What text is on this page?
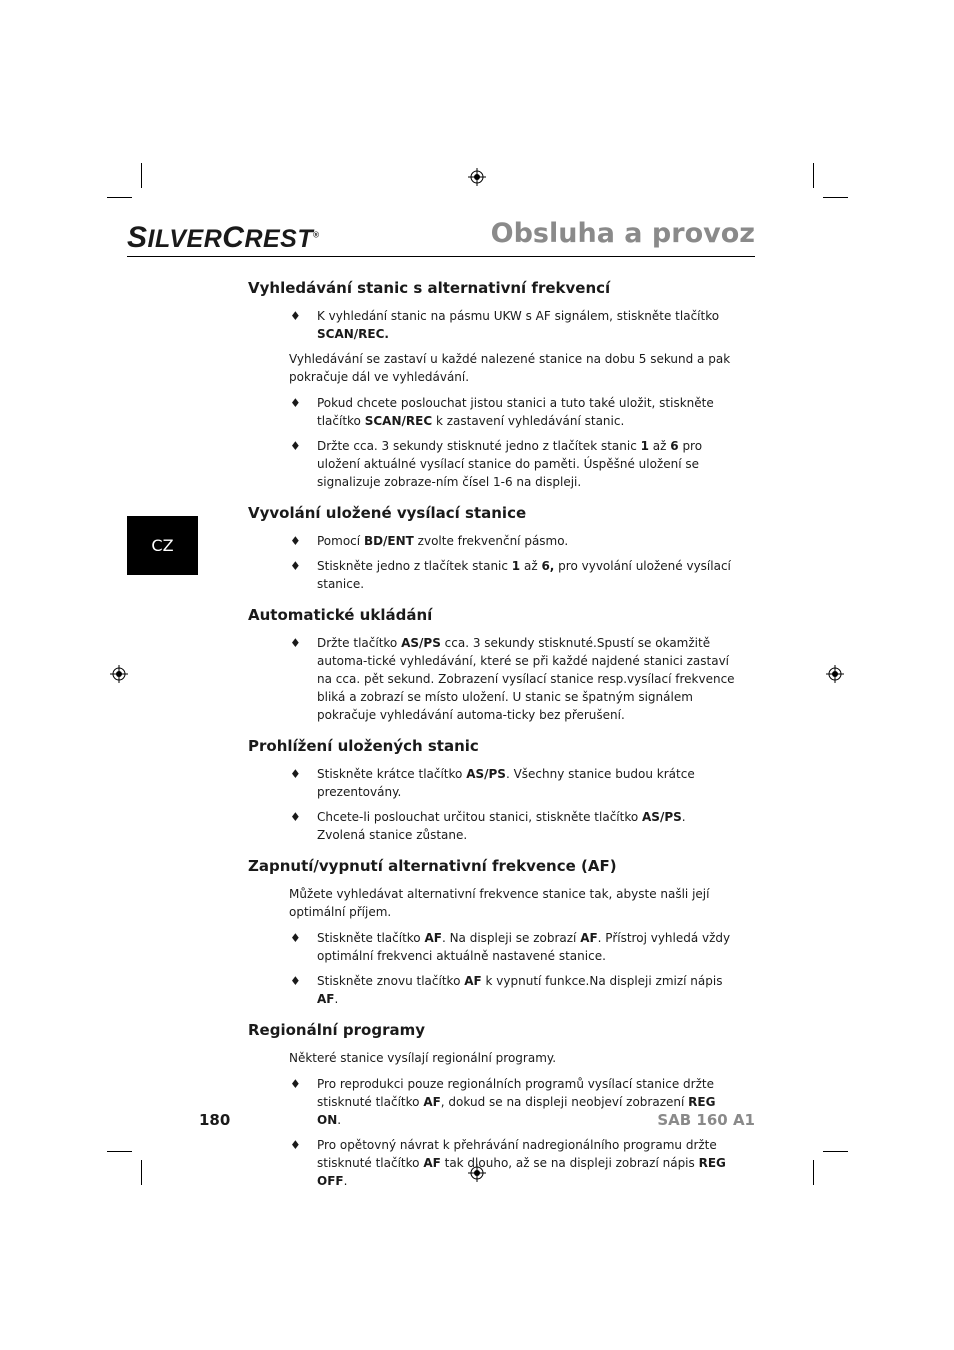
SILVERCREST®	Obsluha a provoz
CZ
Vyhledávání stanic s alternativní frekvencí
♦ K vyhledání stanic na pásmu UKW s AF signálem, stiskněte tlačítko SCAN/REC.
Vyhledávání se zastaví u každé nalezené stanice na dobu 5 sekund a pak pokračuje dál ve vyhledávání.
♦ Pokud chcete poslouchat jistou stanici a tuto také uložit, stiskněte tlačítko SCAN/REC k zastavení vyhledávání stanic.
♦ Držte cca. 3 sekundy stisknuté jedno z tlačítek stanic 1 až 6 pro uložení aktuálné vysílací stanice do paměti. Úspěšné uložení se signalizuje zobraze-ním čísel 1-6 na displeji.
Vyvolání uložené vysílací stanice
♦ Pomocí BD/ENT zvolte frekvenční pásmo.
♦ Stiskněte jedno z tlačítek stanic 1 až 6, pro vyvolání uložené vysílací stanice.
Automatické ukládání
♦ Držte tlačítko AS/PS cca. 3 sekundy stisknuté.Spustí se okamžitě automa-tické vyhledávání, které se při každé najdené stanici zastaví na cca. pět sekund. Zobrazení vysílací stanice resp.vysílací frekvence bliká a zobrazí se místo uložení. U stanic se špatným signálem pokračuje vyhledávání automa-ticky bez přerušení.
Prohlížení uložených stanic
♦ Stiskněte krátce tlačítko AS/PS. Všechny stanice budou krátce prezentovány.
♦ Chcete-li poslouchat určitou stanici, stiskněte tlačítko AS/PS.
Zvolená stanice zůstane.
Zapnutí/vypnutí alternativní frekvence (AF)
Můžete vyhledávat alternativní frekvence stanice tak, abyste našli její optimální příjem.
♦ Stiskněte tlačítko AF. Na displeji se zobrazí AF. Přístroj vyhledá vždy optimální frekvenci aktuálně nastavené stanice.
♦ Stiskněte znovu tlačítko AF k vypnutí funkce.Na displeji zmizí nápis AF.
Regionální programy
Některé stanice vysílají regionální programy.
♦ Pro reprodukci pouze regionálních programů vysílací stanice držte stisknuté tlačítko AF, dokud se na displeji neobjeví zobrazení REG ON.
♦ Pro opětovný návrat k přehrávání nadregionálního programu držte stisknuté tlačítko AF tak dlouho, až se na displeji zobrazí nápis REG OFF.
180	SAB 160 A1
